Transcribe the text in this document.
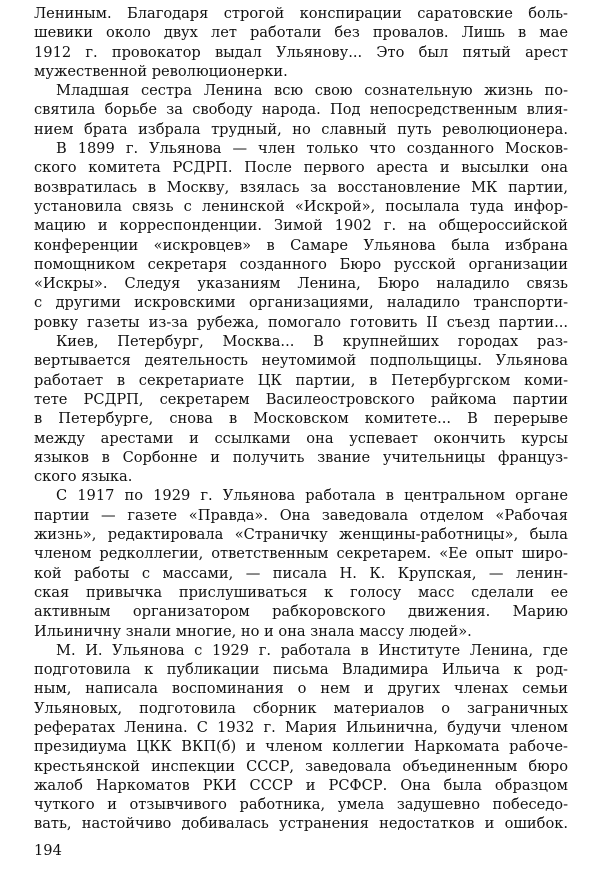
Лениным. Благодаря строгой конспирации саратовские боль-
шевики около двух лет работали без провалов. Лишь в мае
1912 г. провокатор выдал Ульянову... Это был пятый арест
мужественной революционерки.
Младшая сестра Ленина всю свою сознательную жизнь по-
святила борьбе за свободу народа. Под непосредственным влия-
нием брата избрала трудный, но славный путь революционера.
В 1899 г. Ульянова — член только что созданного Москов-
ского комитета РСДРП. После первого ареста и высылки она
возвратилась в Москву, взялась за восстановление МК партии,
установила связь с ленинской «Искрой», посылала туда инфор-
мацию и корреспонденции. Зимой 1902 г. на общероссийской
конференции «искровцев» в Самаре Ульянова была избрана
помощником секретаря созданного Бюро русской организации
«Искры». Следуя указаниям Ленина, Бюро наладило связь
с другими искровскими организациями, наладило транспорти-
ровку газеты из-за рубежа, помогало готовить II съезд партии...
Киев, Петербург, Москва... В крупнейших городах раз-
вертывается деятельность неутомимой подпольщицы. Ульянова
работает в секретариате ЦК партии, в Петербургском коми-
тете РСДРП, секретарем Василеостровского райкома партии
в Петербурге, снова в Московском комитете... В перерыве
между арестами и ссылками она успевает окончить курсы
языков в Сорбонне и получить звание учительницы француз-
ского языка.
С 1917 по 1929 г. Ульянова работала в центральном органе
партии — газете «Правда». Она заведовала отделом «Рабочая
жизнь», редактировала «Страничку женщины-работницы», была
членом редколлегии, ответственным секретарем. «Ее опыт широ-
кой работы с массами, — писала Н. К. Крупская, — ленин-
ская привычка прислушиваться к голосу масс сделали ее
активным организатором рабкоровского движения. Марию
Ильиничну знали многие, но и она знала массу людей».
М. И. Ульянова с 1929 г. работала в Институте Ленина, где
подготовила к публикации письма Владимира Ильича к род-
ным, написала воспоминания о нем и других членах семьи
Ульяновых, подготовила сборник материалов о заграничных
рефератах Ленина. С 1932 г. Мария Ильинична, будучи членом
президиума ЦКК ВКП(б) и членом коллегии Наркомата рабоче-
крестьянской инспекции СССР, заведовала объединенным бюро
жалоб Наркоматов РКИ СССР и РСФСР. Она была образцом
чуткого и отзывчивого работника, умела задушевно побеседо-
вать, настойчиво добивалась устранения недостатков и ошибок.
194
